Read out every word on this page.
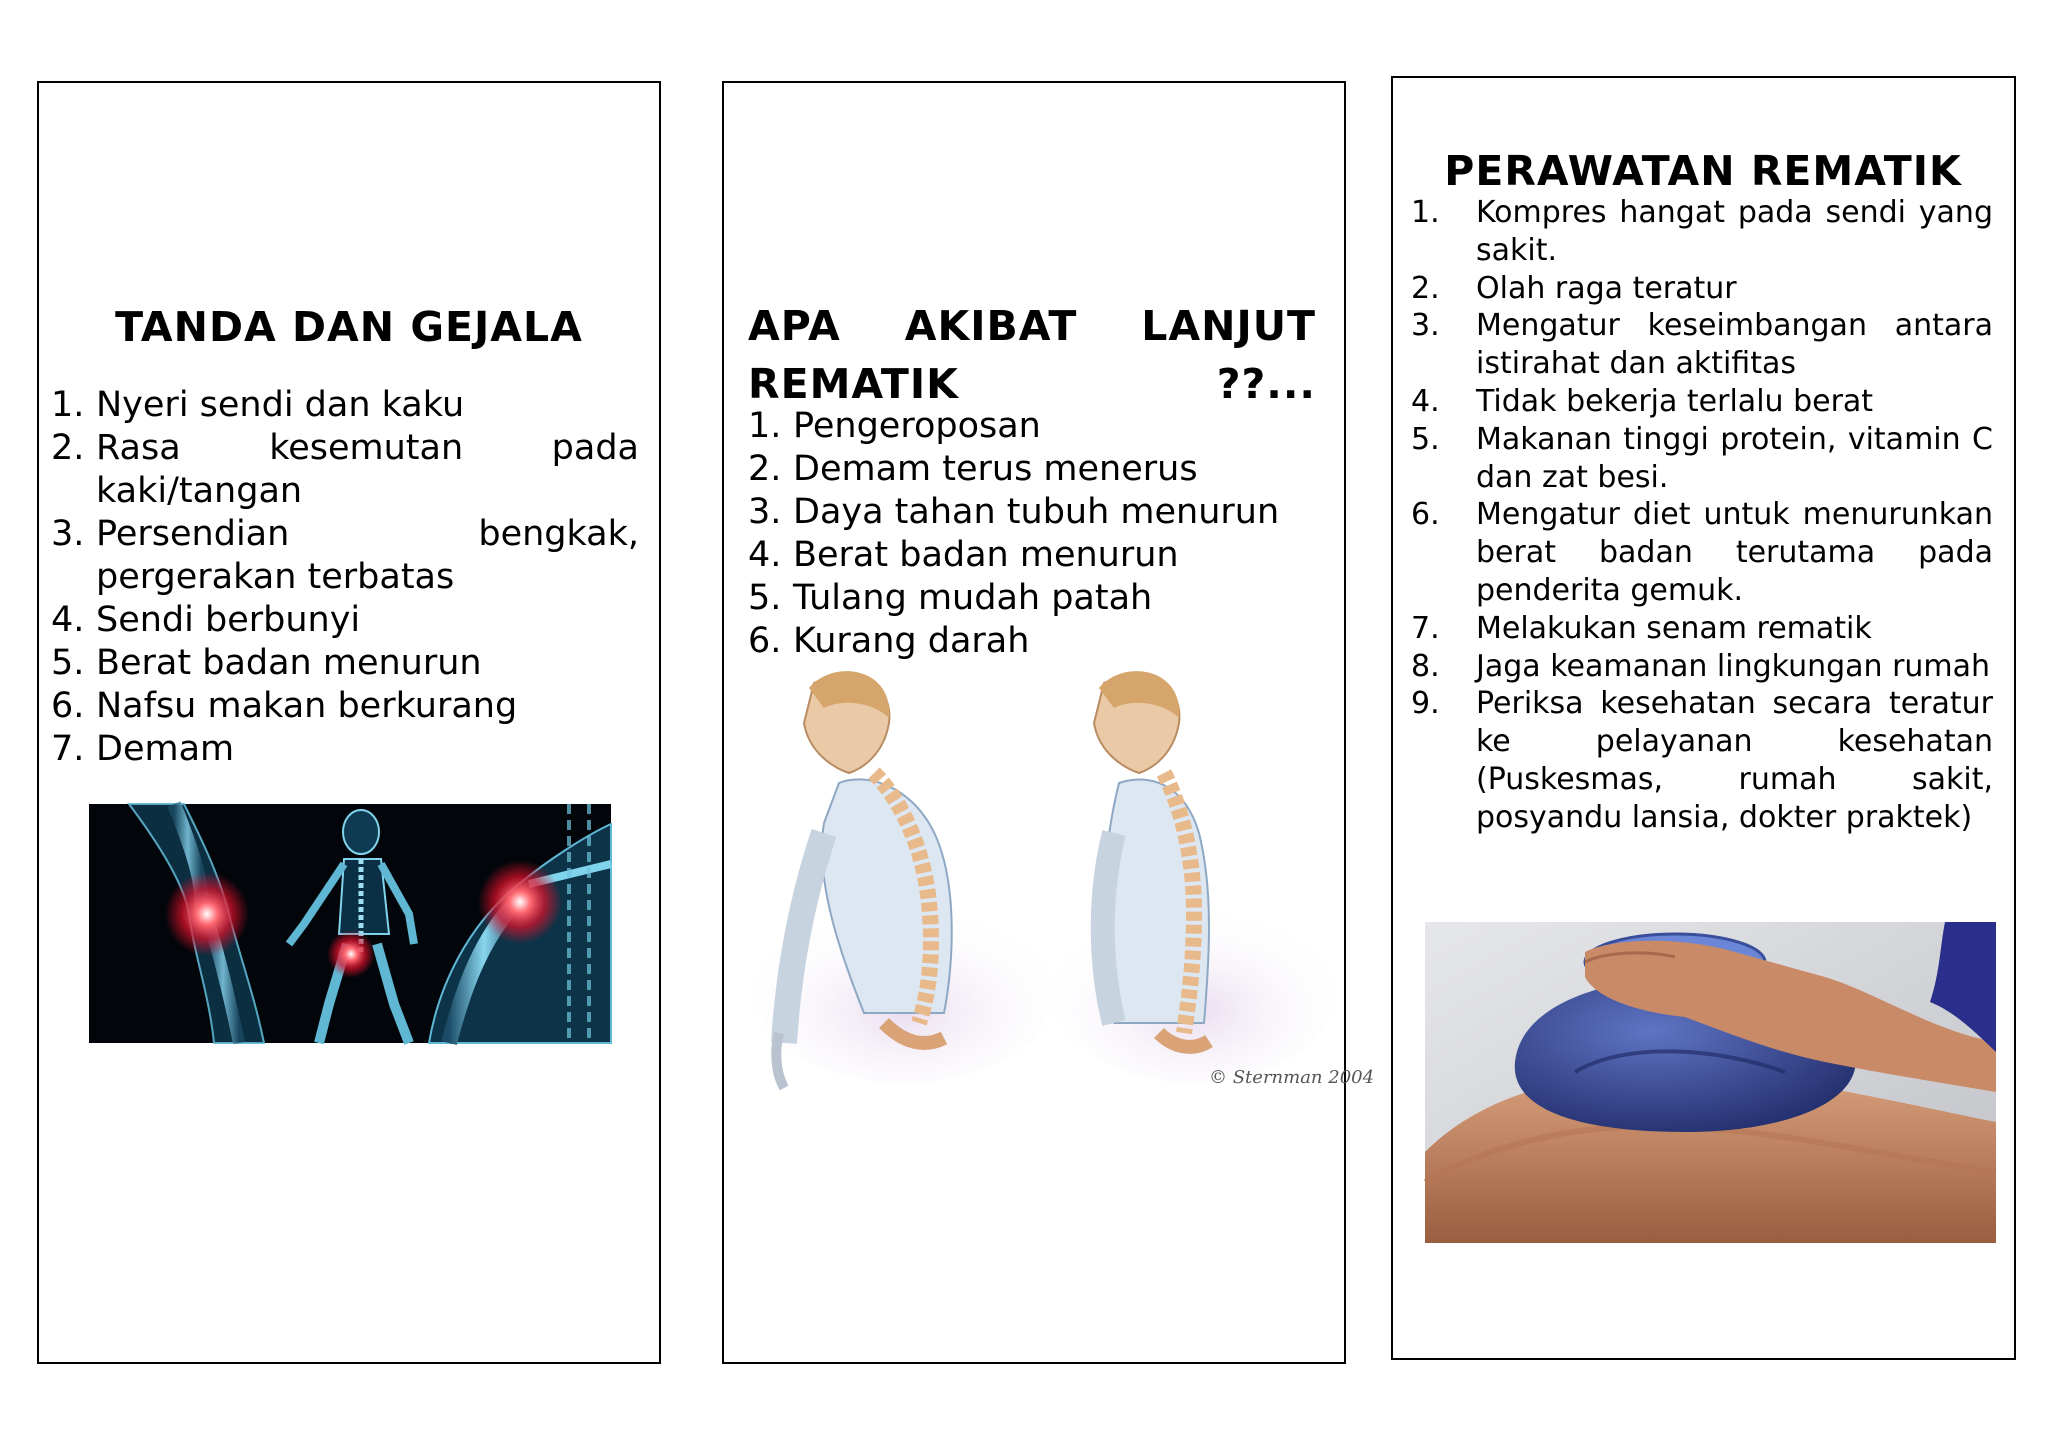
TANDA DAN GEJALA
1. Nyeri sendi dan kaku
2. Rasa kesemutan pada kaki/tangan
3. Persendian bengkak, pergerakan terbatas
4. Sendi berbunyi
5. Berat badan menurun
6. Nafsu makan berkurang
7. Demam
APA AKIBAT LANJUT
REMATIK ??...
1. Pengeroposan
2. Demam terus menerus
3. Daya tahan tubuh menurun
4. Berat badan menurun
5. Tulang mudah patah
6. Kurang darah
© Sternman 2004
PERAWATAN REMATIK
1. Kompres hangat pada sendi yang sakit.
2. Olah raga teratur
3. Mengatur keseimbangan antara istirahat dan aktifitas
4. Tidak bekerja terlalu berat
5. Makanan tinggi protein, vitamin C dan zat besi.
6. Mengatur diet untuk menurunkan berat badan terutama pada penderita gemuk.
7. Melakukan senam rematik
8. Jaga keamanan lingkungan rumah
9. Periksa kesehatan secara teratur ke pelayanan kesehatan (Puskesmas, rumah sakit, posyandu lansia, dokter praktek)
